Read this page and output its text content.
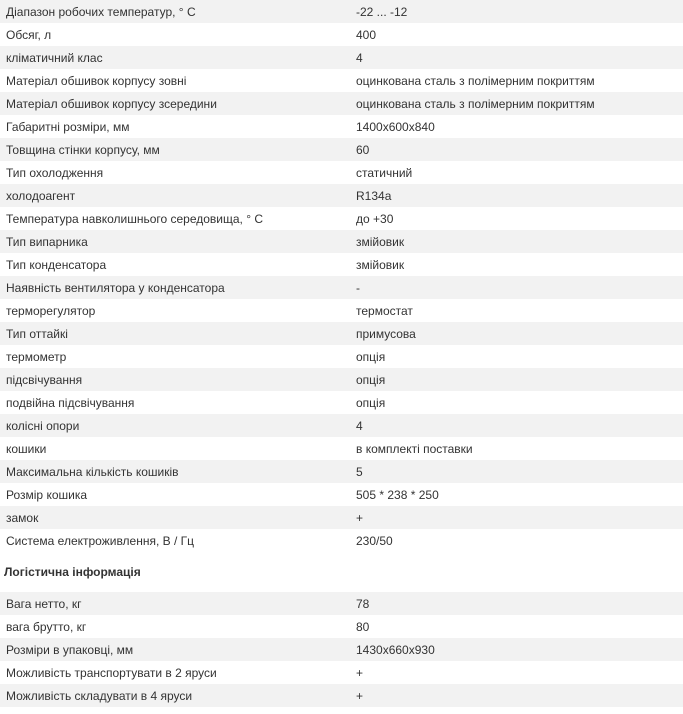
Діапазон робочих температур, ° С	-22 ... -12
Обсяг, л	400
кліматичний клас	4
Матеріал обшивок корпусу зовні	оцинкована сталь з полімерним покриттям
Матеріал обшивок корпусу зсередини	оцинкована сталь з полімерним покриттям
Габаритні розміри, мм	1400x600x840
Товщина стінки корпусу, мм	60
Тип охолодження	статичний
холодоагент	R134a
Температура навколишнього середовища, ° С	до +30
Тип випарника	змійовик
Тип конденсатора	змійовик
Наявність вентилятора у конденсатора	-
терморегулятор	термостат
Тип оттайкі	примусова
термометр	опція
підсвічування	опція
подвійна підсвічування	опція
колісні опори	4
кошики	в комплекті поставки
Максимальна кількість кошиків	5
Розмір кошика	505 * 238 * 250
замок	+
Система електроживлення, В / Гц	230/50
Логістична інформація
Вага нетто, кг	78
вага брутто, кг	80
Розміри в упаковці, мм	1430x660x930
Можливість транспортувати в 2 яруси	+
Можливість складувати в 4 яруси	+
